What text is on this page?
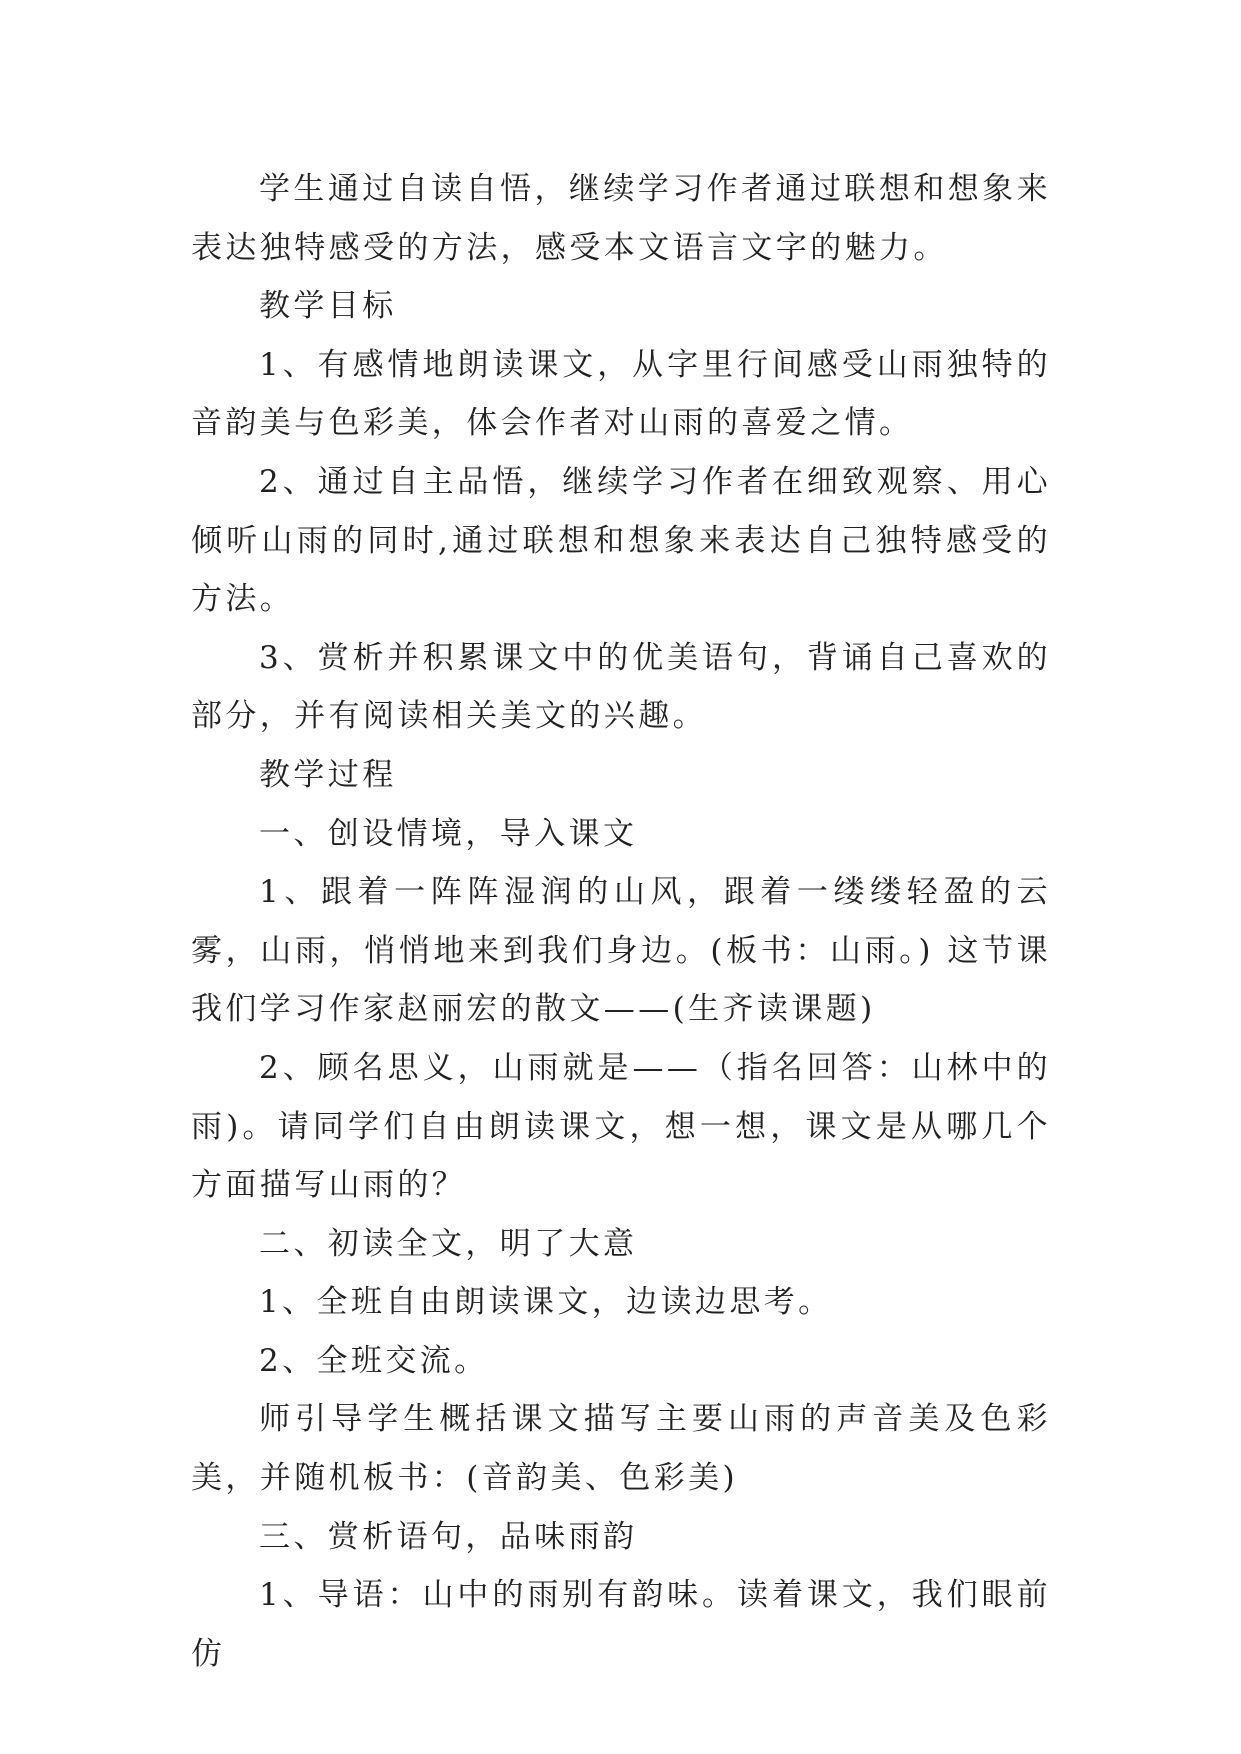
学生通过自读自悟，继续学习作者通过联想和想象来表达独特感受的方法，感受本文语言文字的魅力。

教学目标

1、有感情地朗读课文，从字里行间感受山雨独特的音韵美与色彩美，体会作者对山雨的喜爱之情。

2、通过自主品悟，继续学习作者在细致观察、用心倾听山雨的同时,通过联想和想象来表达自己独特感受的方法。

3、赏析并积累课文中的优美语句，背诵自己喜欢的部分，并有阅读相关美文的兴趣。

教学过程

一、创设情境，导入课文

1、跟着一阵阵湿润的山风，跟着一缕缕轻盈的云雾，山雨，悄悄地来到我们身边。(板书：山雨。) 这节课我们学习作家赵丽宏的散文——(生齐读课题)

2、顾名思义，山雨就是——（指名回答：山林中的雨)。请同学们自由朗读课文，想一想，课文是从哪几个方面描写山雨的？

二、初读全文，明了大意

1、全班自由朗读课文，边读边思考。

2、全班交流。

师引导学生概括课文描写主要山雨的声音美及色彩美，并随机板书：(音韵美、色彩美)

三、赏析语句，品味雨韵

1、导语：山中的雨别有韵味。读着课文，我们眼前仿
